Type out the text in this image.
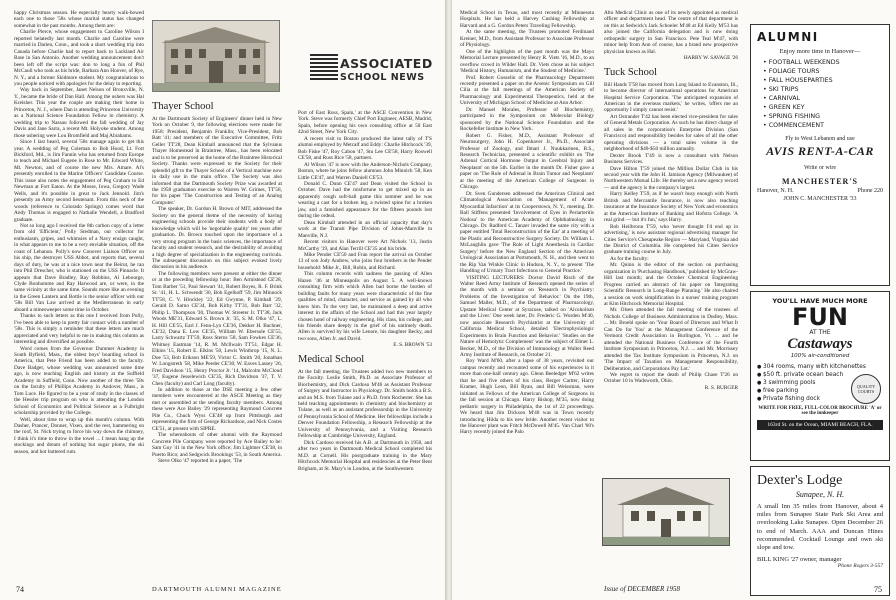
happy Christmas season. He especially hearty walk-bowed each one to those '58s whose marital status has changed somewhat in the past months. Among them are:

Charlie Pierce, whose engagement to Caroline Wilson I reported belatedly last month. Charlie and Caroline were married in Darien, Conn., and took a short wedding trip into Canada before Charlie had to report back to Lackland Air Base in San Antonio. Another wedding announcement don't been left off the script was: don to long a fun of Phil McCaull who took as his bride, Barbara Ann Hoover, of Rye, N. Y., and a former Skidmore student. My congratulations to you people noticed with apologies for the delay in reporting.

Way back in September, Janet Nelson of Bronxville, N. Y., became the bride of Dan Hall. Among the ushers was Hal Kreisher. This year the couple are making their home in Princeton, N. J., where Dan is attending Princeton University as a National Science Foundation Fellow in chemistry. A wedding trip to Nassau followed the fall wedding of Jay Davis and Jane Sarra, a recent Mt. Holyoke student. Among those ushering were Lou Bromfield and Maj Abrahams.

Since I last heard, several '58s manage again to get this year. A wedding of Peg Coleman to Bob Hood, Lt. Fort Bickford, Md., is Jim Fannin who has returned from Europe to teach and Michael Eugene in Rose to Mr. Edward White, Mt. Newton, and of course the new Mrs. Amare. Al's presently enrolled in the Marine Officers' Candidate Course. This issue also notes the engagement of Peg Graham to Ed Newman at Fort Eaton. At the Mosse, Iowa, Gregory Wade Wells, and it's possible in great to Jack Jennold. Jim's presently an Army second lieutenant. From this neck of the woods (reference to Colorado Springs) comes word that Andy Thomas is engaged to Nathalie Wendell, a Bradford graduate.

Not so long ago I received the 8th carbon copy of a letter from old 'Efficient,' Polly Stedman, our collector for enthusiasm, gripes, and whimsies of a Navy ensign caught, in what appears to me to be a very enviable situation, off the coast of Lebanon. Polly's now Conover Liaison Officer on his ship, the destroyer USS Abbot, and reports that, several days of duty, he was at a nice town near the Beirut, he ran into Phil Drescher, who is stationed on the USS Pinnacle. It appears that Dave Bradley, Ray Robbins, Al Lebourge, Clyde Bonhomme and Ray Harwood are, or were, in the same vicinity at the same time. Sounds more like an evening in the Green Lantern and Bottle is the senior officer with our '58s Bill Van Law arrived at the Mediterranean in early aboard a minesweeper some time in October.

Thanks to such letters as this one I received from Polly, I've been able to keep in pretty fair contact with a number of '58s. This is simply a reminder that these letters are much appreciated and very helpful to me in making this column as interesting and diversified as possible.

Word comes from the Governor Dummer Academy in South Byfield, Mass., the oldest boys' boarding school in America, that Pete Friend has been added to the faculty. Dave Badger, whose wedding was announced some time ago, is now teaching English and history at the Suffield Academy in Suffield, Conn. Now another of the three '58s on the faculty of Phillips Academy in Andover, Mass., is Tom Luce. He figured to be a year of study in the classes of the Hessler trip program on who is attending the London School of Economics and Political Science as a Fulbright scholarship provided by the College.

Well, about time to wrap up this month's column. With Dasher, Prancer, Donner, Vixen, and the rest, hammering on the roof, St. Nick trying to force his way down the chimney, I think it's time to throw in the towel ... I mean hang up the stockings and dream of nothing but sugar plums, the ski season, and hot buttered rum.

Thayer School

At the Dartmouth Society of Engineers' dinner held in New York on October 9, the following elections were made for 1958: President, Benjamin Franklin; Vice-President, Bob Batt '41; and members of the Executive Committee, Fritz Geller TT'28, Dean Kimball announced that the Sylvanus Thayer Homestead in Braintree, Mass., has been relocated and is to be preserved as the home of the Braintree Historical Society. Thanks were expressed to the Society for their splendid gift to the Thayer School of a Vertical machine now in daily use in the main office. The Society was also informed that the Dartmouth Society Prize was awarded at the 1958 graduation exercise to Warren W. Grimes, TT'58, for his paper 'The Construction and Testing of an Analog Computer.'

The speaker, Dr. Gordon H. Brown of MIT, addressed the Society on the general theme of the necessity of having engineering schools provide their students with a body of knowledge which will be 'negotiable quality' ten years after graduation. Dr. Brown touched upon the importance of a very strong program in the basic sciences, the importance of faculty and student research, and the desirability of avoiding a high degree of specialization in the engineering curricula. The subsequent discussion on this subject evoked lively discussion in his audience.

The following members were present at either the dinner or at the preceding fellowship hour: Ben Armistead CE'28, Tom Barber '51, Paul Stewart '41, Robert Boyes, R. F. Brink Sr. '41, H. L. Schwendt '30, Bob Egelhoff '59, Jim Minnock TT'58, C. V. Hinckley '22, Ed Gwynne, P. Kimball '29, Gerald D. Sarno CE'34, Bob Kirby TT'31, Bob Barr '32, Philip L. Thompson '30, Thomas W. Streeter Jr. TT'38, Jack Woods ME'31, Edward S. Brown Jr. '35, S. M. Olko '47, L. H. Hill CE'55, Earl J. Fenn-Lyn CE'36, Dekker H. Bachner, CE'32, Dana E. Low CE'35, William W. Ebersole CE'55, Larry Schwartz TT'59, Ross Sterns '58, Sam Fowkes CE'36, Whitney Eastman '14, R. M. McIlwain TT'51, Edgar H. Elkins '15, Robert E. Elkins '50, Lewis Winthrop '15, N. L. Doe '53, Bob Erikson ME'59, Victor C. Smith '20, Jonathan W. Longstreth '58, Mike Peeder CE'30, W. Eaves Lassey '26, Fred Davidson '15, Henry Proctor Jr. '14, Malcolm McCloud '37, Eugene Jesselewich CE'35, Rich Davidson '37, T. V. Chen (faculty) and Carl Long (faculty).

In addition to those at the DSE meeting a few other members were encountered at the ASCE Meeting as they met or assembled at the sending faculty members. Among these were Ace Bailey '29 representing Raymond Concrete Pile Co., Chuck Wyss CE'48 up from Pittsburgh and representing the firm of George Richardson, and Nick Costes CE'51, at present with SIPRE.

The whereabouts of other alumni with the Raymond Concrete Pile Company were reported by Ace Bailey to be: Sam Guy '41 in the New York office; Jim Lightner CE'38, in Puerto Rico; and Sedgwick Brookings '53, in South America.

Steve Olko '47 reported in a paper, 'The

ASSOCIATED
SCHOOL NEWS

Port of East Ross, Spain,' at the ASCE Convention in New York. Steve was formerly Chief Port Engineer, AESB, Madrid, Spain, before opening his own consulting office at 50 East 42nd Street, New York City.

A recent visit to Boston produced the latest tally of T'S alumni employed by Metcalf and Eddy: Charlie Hitchcock '39, Bob Fiske '47, Roy Cabon '47, Stu Lee CE'58, Harry Roswell CE'58, and Russ Rice '58, partners.

Al Wilson '47 is now with the Anderson-Nichols Company, Boston, where he joins fellow alumnus John Minnich '58, Ken Little CE'47, and Warren Daniell CE'53.

Donald C. Dunn CE'47 and Dean visited the School in October. Dave had the misfortune to get mixed up in an apparently rough soft-ball game this summer and he was wearing a cast for a broken leg, a twisted spine for a broken jaw, and a famished appearance for the fifteen pounds lost during the ordeal.

Dean Kimball attended in an official capacity that day's work at the Transit Pipe Division of Johns-Manville in Manville, N.J.

Recent visitors in Hanover were Art Nichols '13, Justin McCarthy '19, and Alan Terrill CE'35 and his bride.

Mike Pender CE'50 and Fran report the arrival on October 13 of son Jody Andrew, who joins four brothers in the Pender household: Mike Jr., Bill, Robin, and Richard.

This column records with sadness the passing of Allen Hazen '46 at Minneapolis on August 5. A well-known consulting firm with which Allen had borne the burden of building faults for many years were characteristic of the fine qualities of mind, character, and service as gained by all who knew him. To the very last, he maintained a deep and active interest in the affairs of the School and had this year largely chosen hotel of railway engineering. His class, his college, and his friends share deeply in the grief of his untimely death. Allen is survived by his wife Lenore, his daughter Becky, and two sons, Allen Jr. and David.

E. S. BROWN '53

Medical School

At the fall meeting, the Trustees added two new members to the Faculty. Leslie Smith, Ph.D. as Associate Professor of Biochemistry, and Dick Cardoso M'46 as Assistant Professor of Surgery and Instructor in Physiology. Dr. Smith holds a B.S. and an M.S. from Tulane and a Ph.D. from Rochester. She has held teaching appointments in chemistry and biochemistry at Tulane, as well as an assistant professorship in the University of Pennsylvania School of Medicine. Her fellowships include a Denver Foundation Fellowship, a Research Fellowship at the University of Pennsylvania, and a Visiting Research Fellowship at Cambridge University, England.

Dick Cardoso received his A.B. at Dartmouth in 1950, and after two years in Dartmouth Medical School completed his M.D. at Cornell. His postgraduate training in the Mary Hitchcock Memorial Hospital and residencies at the Peter Bent Brigham, at St. Mary's in London, at the Southwestern

74	DARTMOUTH ALUMNI MAGAZINE

Medical School in Texas, and most recently at Minnesota Hospitals. He has held a Harvey Cushing Fellowship at Harvard and a G. Gordon Peters Traveling Fellowship.

At the same meeting, the Trustees promoted Ferdinand Kreiner, M.D., from Assistant Professor to Associate Professor of Physiology.

One of the highlights of the past month was the Mayo Memorial Lecture presented by Henry R. Viets '16, M.D., to an overflow crowd in Wilder Hall. Dr. Viets chose as his subject 'Medical History, Humanism, and the Student of Medicine.'

Prof. Robert Gosselin of the Pharmacology Department recently presented a paper on the Arsenic Symposium on Gill Cilia at the fall meetings of the American Society of Pharmacology and Experimental Therapeutics, held at the University of Michigan School of Medicine at Ann Arbor.

Dr. Manuel Morales, Professor of Biochemistry, participated in the Symposium on Molecular Biology sponsored by the National Science Foundation and the Rockefeller Institute in New York.

Robert G. Fisher, M.D., Assistant Professor of Neurosurgery, John H. Copenhaver Jr., Ph.D., Associate Professor of Zoology, and Ilmari J. Nuukkarinen, B.S., Research Technician, presented a scientific exhibit on 'The Adrenal Cortical Hormone Output in Cerebral Injury and Neoplasm' on the 5th. Earlier in the month Dr. Fisher gave a paper on 'The Role of Adrenal in Brain Tumor and Neoplasm' at the meeting of the American College of Surgeons in Chicago.

Dr. Sven Gundersen addressed the American Clinical and Climatological Association on 'Management of Acute Myocardial Infarction' at its Cooperstown, N. Y., meeting. Dr. Ball Stiffens presented 'Involvement of Eyes in Periarteritis Nodosa' to the American Academy of Ophthalmology in Chicago. Dr. Radford C. Tanzer invaded the same city with a paper entitled 'Total Reconstruction of the Ear' at a meeting of the Plastic and Reconstructive Surgery Society. Dr. William L. McLaughlin gave 'The Role of Light Anesthesia in Cardiac Surgery' before the New England Section of the American Urological Association at Portsmouth, N. H., and then went to the Rip Van Winkle Clinic in Hudson, N. Y., to present 'The Handling of Urinary Tract Infections to General Practice.'

VISITING LECTURERS: Doctor David Risch of the Walter Reed Army Institute of Research opened the series of the month with a seminar on 'Research in Psychiatry: Problems of the Investigation of Behavior.' On the 19th, Samuel Maller, M.D., of the Department of Pharmacology, Upstate Medical Center at Syracuse, talked on 'Alcoholism and the Liver.' One week later, Dr. Frederic G. Worden M'40, now associate Research Psychiatrist at the University of California Medical School, detailed 'Electrophysiologic Experiments in Brain Function and Behavior.' 'Studies on the Nature of Hemolytic Complement' was the subject of Elmer L. Becker, M.D., of the Division of Immunology at Walter Reed Army Institute of Research, on October 21.

Roy Ward M'60, after a lapse of 38 years, revisited our campus recently and recounted some of his experiences in it more than one-half century ago. Glenn Beeledger M'62 writes that he and five others of his class, Berger Cartter, Harry Kramer, Hugh Leon, Bill Ryan, and Bill Weissman, were initiated as Fellows of the American College of Surgeons in the fall session at Chicago. Harry Bishop, M'35, now doing pediatric surgery in Philadelphia, the 1st of 22 proceedings. We heard that Jim Dickson M'40 was in Town recently introducing Hilda to his new bride. Another recent visitor to the Hanover plant was Fritch McDowell M'45. Van Charl '60's Harry recently joined the Palo

Alto Medical Clinic as one of its newly appointed as medical officer and department head. The centre of that department is on this at Sedwick's Jack Schoeler M'48 at Ed Kelly M'53 has also joined the California delegation and is now doing orthopedic surgery in San Francisco. Pete Teal M'47, with minor help from Ann of course, has a brand new prospective physician known as Hal.

HARRY W. SAVAGE '26

Tuck School

Bill Hands T'58 has moved from Long Island to Evanston, Ill., to become director of international operations for American Hospital Service Corporation. 'The anticipated expansion of American in the overseas markets,' he writes, 'offers me an opportunity I simply cannot resist.'

Art Ostrander T'42 has been elected vice-president for sales of General Metals Corporation. As such he has direct charge of all sales in the corporation's Enterprise Division (San Francisco) and responsibility besides for sales of all the other operating divisions — a total sales volume in the neighborhood of $40-$50 million annually.

Dexter Brook T'49 is now a consultant with Nelson Business Services.

Dave Hilton T'59 joined the Million Dollar Club in his second year with the John H. Jamison Agency (Milwaukee) of Northwestern Mutual Life. He thereby set a new agency record — and the agency is the company's largest.

Harry Kelley T'59, as if he wasn't busy enough with North British and Mercantile Insurance, is now also teaching insurance at the Insurance Society of New York and economics at the American Institute of Banking and Hofstra College. 'A real grind — but it's fun,' says Harry.

Bob Heilbronn T'59, who 'never thought I'd end up in advertising,' is now assistant regional advertising manager for Cities Service's Chesapeake Region — Maryland, Virginia and the District of Columbia. He completed his Cities Service graduate training course in July.

As for the faculty:

Mr. Quinn is the editor of the section on purchasing organization in 'Purchasing Handbook,' published by McGraw-Hill last month; and the October Chemical Engineering Progress carried an abstract of his paper on 'Integrating Scientific Research in Long-Range Planning.' He also chaired a session on work simplification in a nurses' training program at Kim Hitchcock Memorial Hospital.

Mr. Olsen attended the fall meeting of the trustees of Nichols College of Business Administration in Dudley, Mass. ... Mr. Broehl spoke on 'Your Board of Directors and What It Can Do for You' at the Management Conference of the Vermont Credit Association in Burlington, Vt. ... and he attended the National Business Conference of the Fourth Institute Symposium in Princeton, N.J. ... and Mr. Morrissey attended the Tax Institute Symposium in Princeton, N.J. on 'The Impact of Taxation on Management Responsibility, Deliberation, and Corporations Pay Lot.'

We regret to report the death of Philip Chase T'26 on October 10 in Wadsworth, Ohio.

R. S. BURGER

ALUMNI
Enjoy more time in Hanover—
• FOOTBALL WEEKENDS
• FOLIAGE TOURS
• FALL HOUSEPARTIES
• SKI TRIPS
• CARNIVAL
• GREEN KEY
• SPRING FISHING
• COMMENCEMENT
Fly to West Lebanon and use
AVIS RENT-A-CAR
Write or wire
MANCHESTER'S
Hanover, N. H.	Phone 220
JOHN C. MANCHESTER '33
YOU'LL HAVE MUCH MORE
FUN
AT THE
Castaways
100% air-conditioned
QUALITY COURTS
● 304 rooms, many with kitchenettes
● $50 ft. private ocean beach
● 3 swimming pools
● free parking
● Private fishing dock
WRITE FOR FREE, FULL-COLOR BROCHURE 'A' or see the innkeeper
163rd St. on the Ocean, MIAMI BEACH, FLA.
Dexter's Lodge
Sunapee, N. H.
A small Inn 35 miles from Hanover, about 4 miles from Sunapee State Park Ski Area and overlooking Lake Sunapee. Open December 26 to end of March. AAA and Duncan Hines recommended. Cocktail Lounge and own ski slope and tow.
BILL KING '27 owner, manager
Phone Rogers 3-557
Issue of DECEMBER 1958	75
